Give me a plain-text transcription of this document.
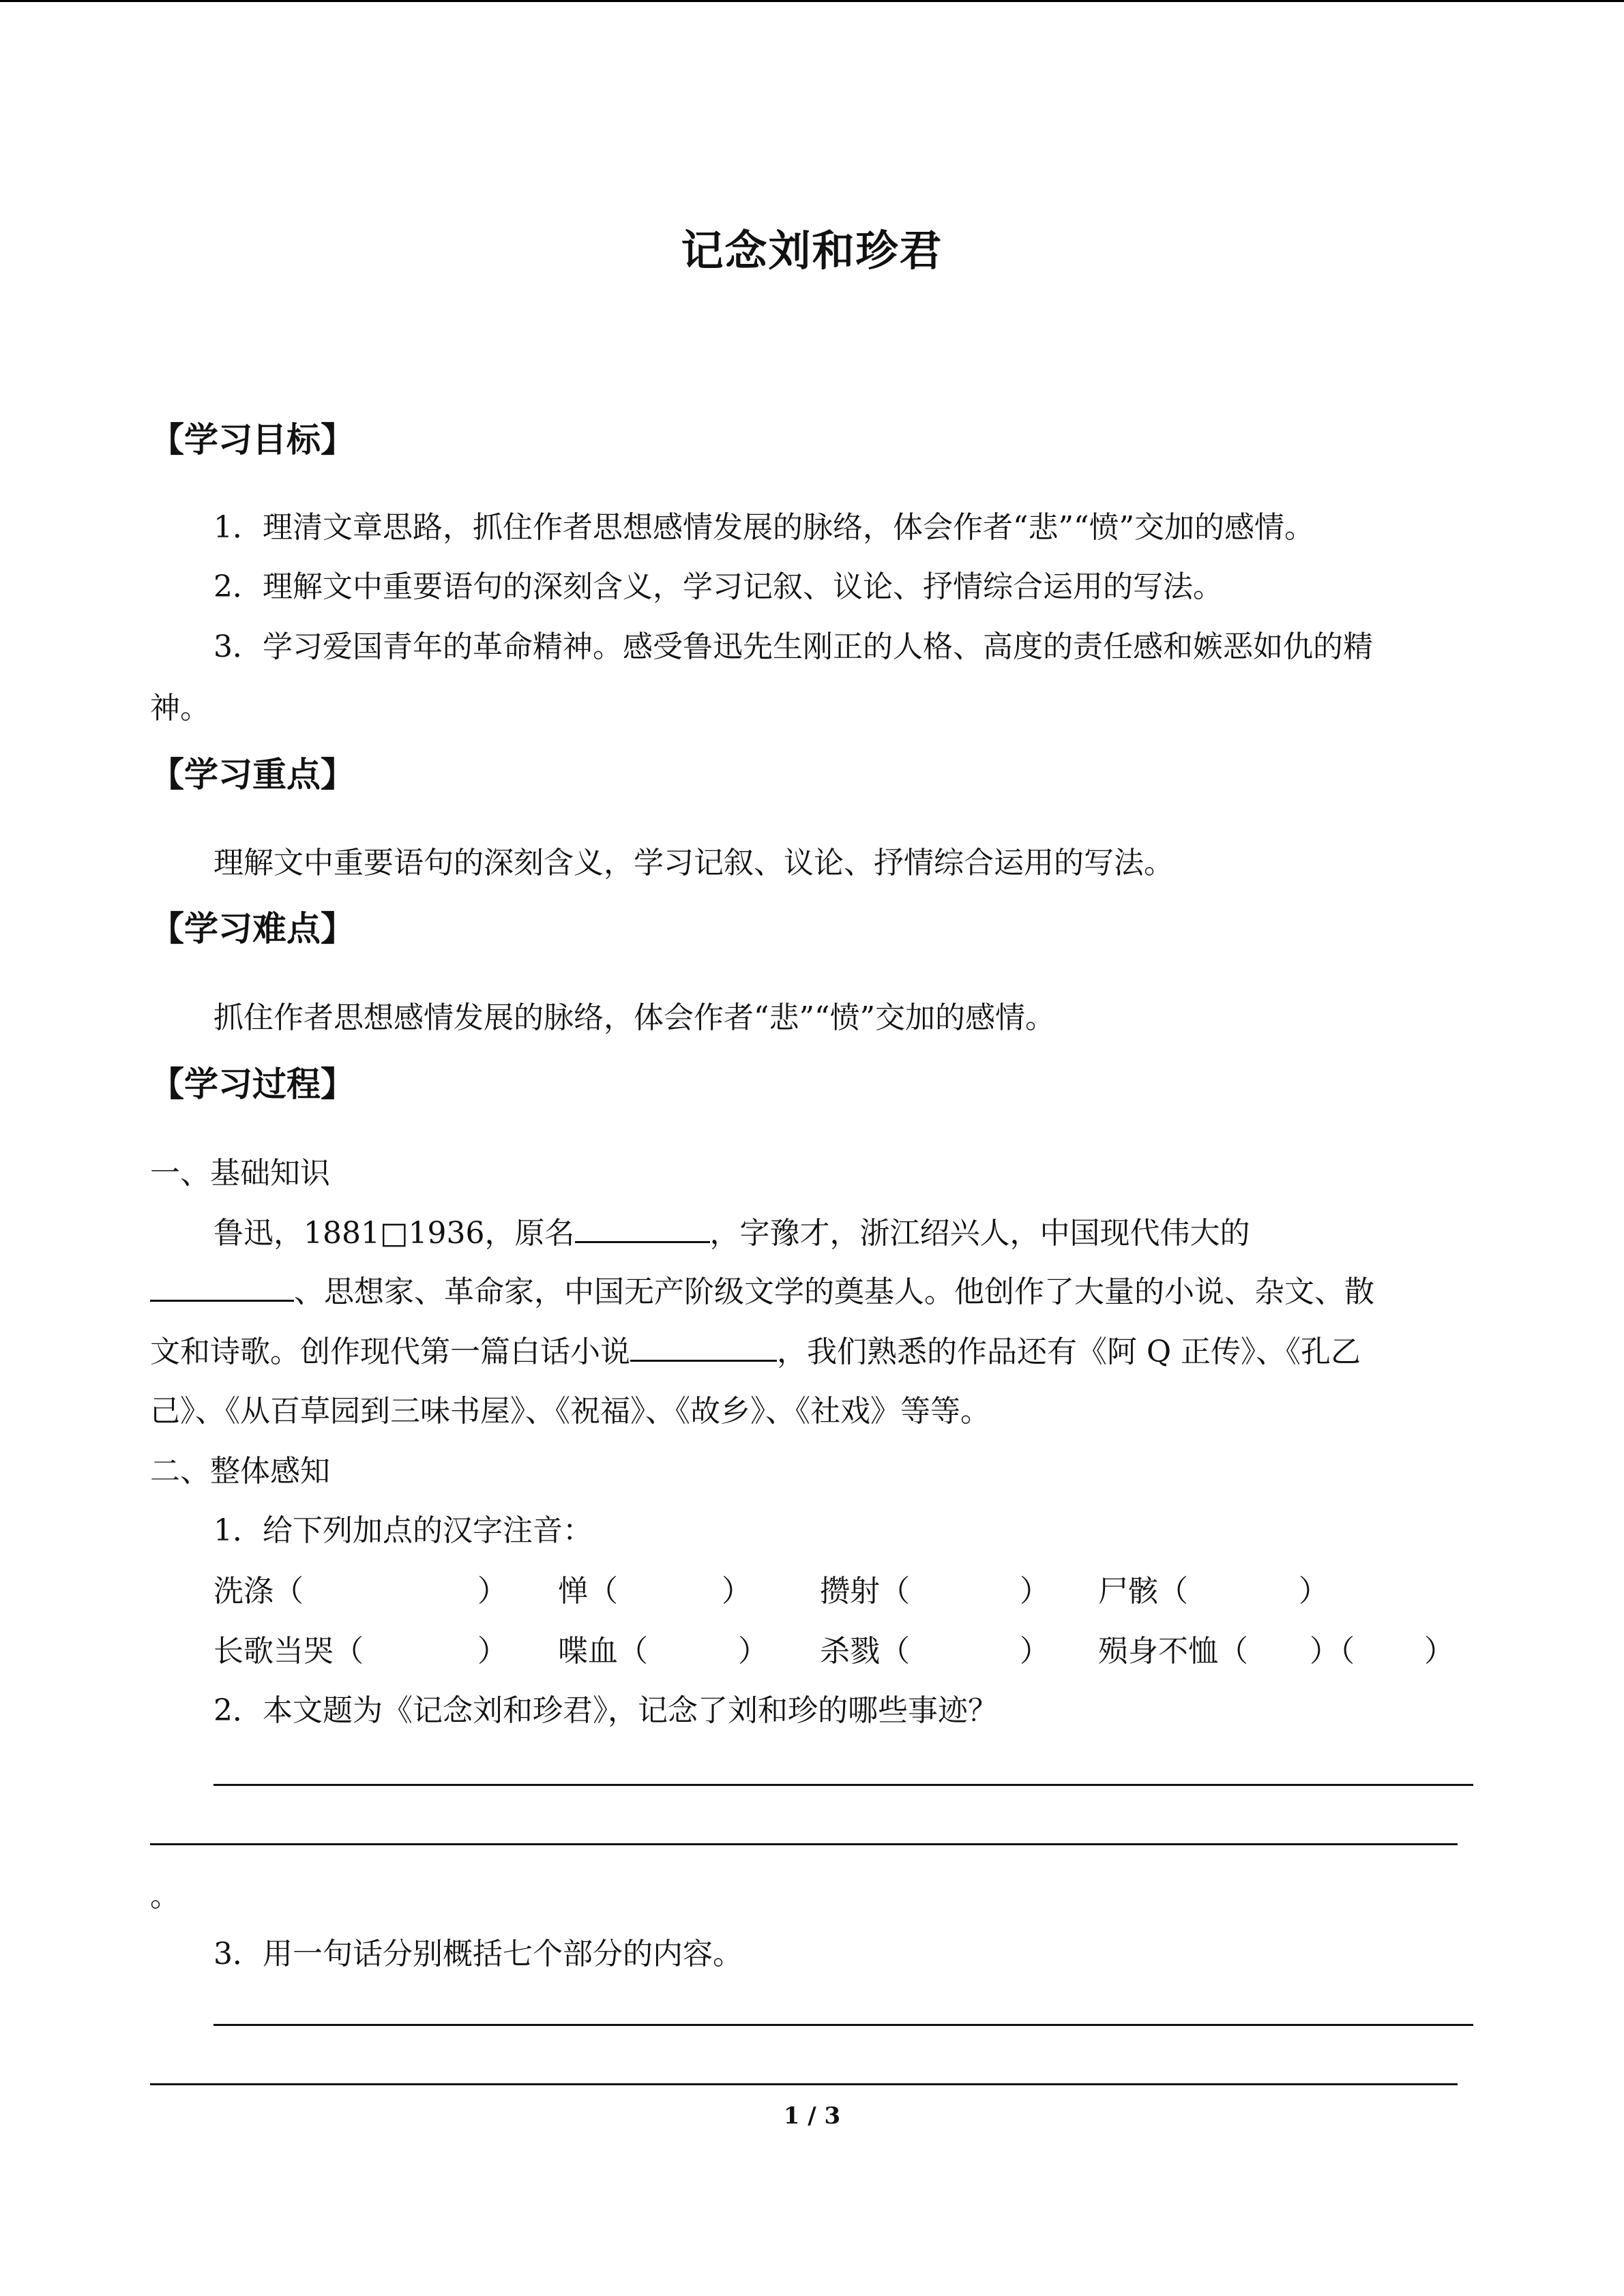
记念刘和珍君
【学习目标】
1．理清文章思路，抓住作者思想感情发展的脉络，体会作者“悲”“愤”交加的感情。
2．理解文中重要语句的深刻含义，学习记叙、议论、抒情综合运用的写法。
3．学习爱国青年的革命精神。感受鲁迅先生刚正的人格、高度的责任感和嫉恶如仇的精
神。
【学习重点】
理解文中重要语句的深刻含义，学习记叙、议论、抒情综合运用的写法。
【学习难点】
抓住作者思想感情发展的脉络，体会作者“悲”“愤”交加的感情。
【学习过程】
一、基础知识
鲁迅，1881□1936，原名	，字豫才，浙江绍兴人，中国现代伟大的
、思想家、革命家，中国无产阶级文学的奠基人。他创作了大量的小说、杂文、散
文和诗歌。创作现代第一篇白话小说	，我们熟悉的作品还有《阿 Q 正传》、《孔乙
己》、《从百草园到三味书屋》、《祝福》、《故乡》、《社戏》等等。
二、整体感知
1．给下列加点的汉字注音：
洗涤（	） 惮（	） 攒射（	） 尸骸（	）
长歌当哭（	） 喋血（	） 杀戮（	） 殒身不恤（ ）（ ）
2．本文题为《记念刘和珍君》，记念了刘和珍的哪些事迹？
。
3．用一句话分别概括七个部分的内容。
1 / 3
